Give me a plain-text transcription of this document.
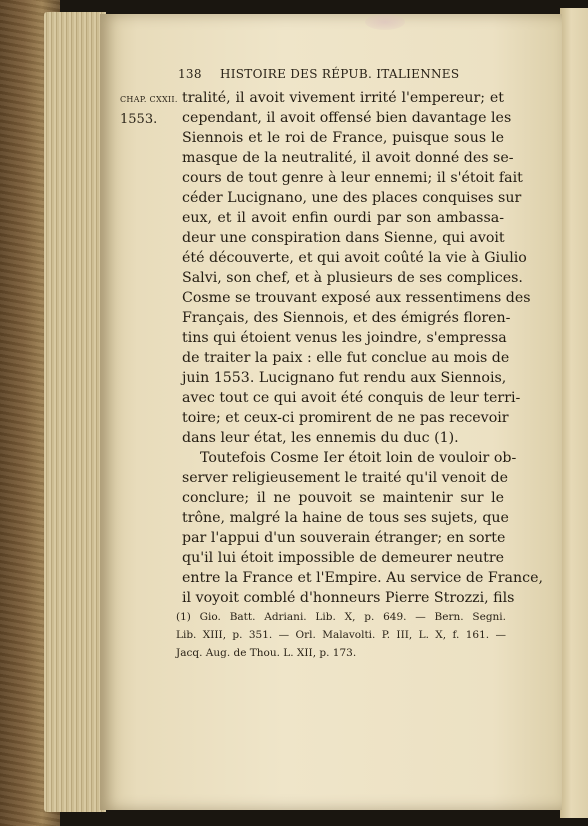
138 HISTOIRE DES RÉPUB. ITALIENNES
CHAP. CXXII.
1553.
tralité, il avoit vivement irrité l'empereur; et
cependant, il avoit offensé bien davantage les
Siennois et le roi de France, puisque sous le
masque de la neutralité, il avoit donné des se-
cours de tout genre à leur ennemi; il s'étoit fait
céder Lucignano, une des places conquises sur
eux, et il avoit enfin ourdi par son ambassa-
deur une conspiration dans Sienne, qui avoit
été découverte, et qui avoit coûté la vie à Giulio
Salvi, son chef, et à plusieurs de ses complices.
Cosme se trouvant exposé aux ressentimens des
Français, des Siennois, et des émigrés floren-
tins qui étoient venus les joindre, s'empressa
de traiter la paix : elle fut conclue au mois de
juin 1553. Lucignano fut rendu aux Siennois,
avec tout ce qui avoit été conquis de leur terri-
toire; et ceux-ci promirent de ne pas recevoir
dans leur état, les ennemis du duc (1).
Toutefois Cosme Ier étoit loin de vouloir ob-
server religieusement le traité qu'il venoit de
conclure; il ne pouvoit se maintenir sur le
trône, malgré la haine de tous ses sujets, que
par l'appui d'un souverain étranger; en sorte
qu'il lui étoit impossible de demeurer neutre
entre la France et l'Empire. Au service de France,
il voyoit comblé d'honneurs Pierre Strozzi, fils
(1) Gio. Batt. Adriani. Lib. X, p. 649. — Bern. Segni.
Lib. XIII, p. 351. — Orl. Malavolti. P. III, L. X, f. 161. —
Jacq. Aug. de Thou. L. XII, p. 173.
